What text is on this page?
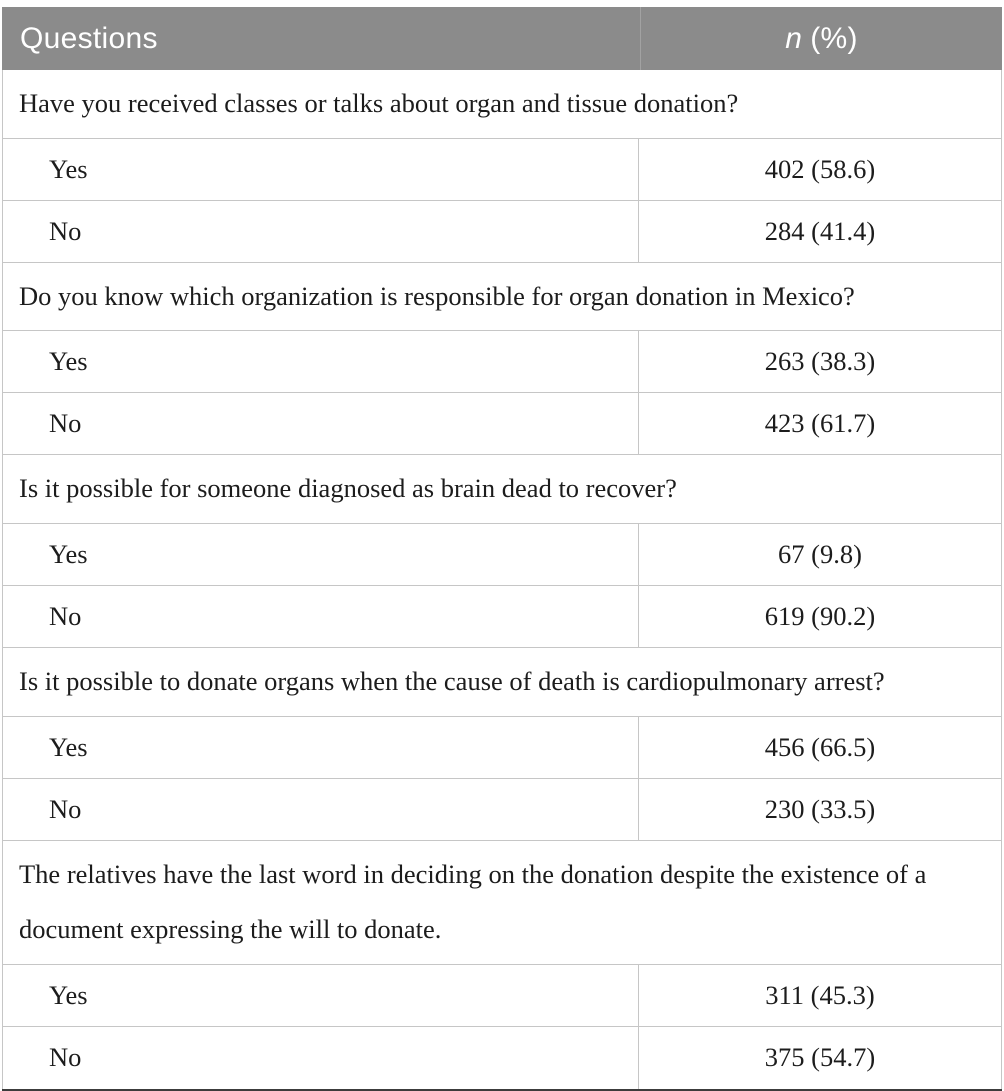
Questions	n (%)
Have you received classes or talks about organ and tissue donation?
Yes	402 (58.6)
No	284 (41.4)
Do you know which organization is responsible for organ donation in Mexico?
Yes	263 (38.3)
No	423 (61.7)
Is it possible for someone diagnosed as brain dead to recover?
Yes	67 (9.8)
No	619 (90.2)
Is it possible to donate organs when the cause of death is cardiopulmonary arrest?
Yes	456 (66.5)
No	230 (33.5)
The relatives have the last word in deciding on the donation despite the existence of a document expressing the will to donate.
Yes	311 (45.3)
No	375 (54.7)
